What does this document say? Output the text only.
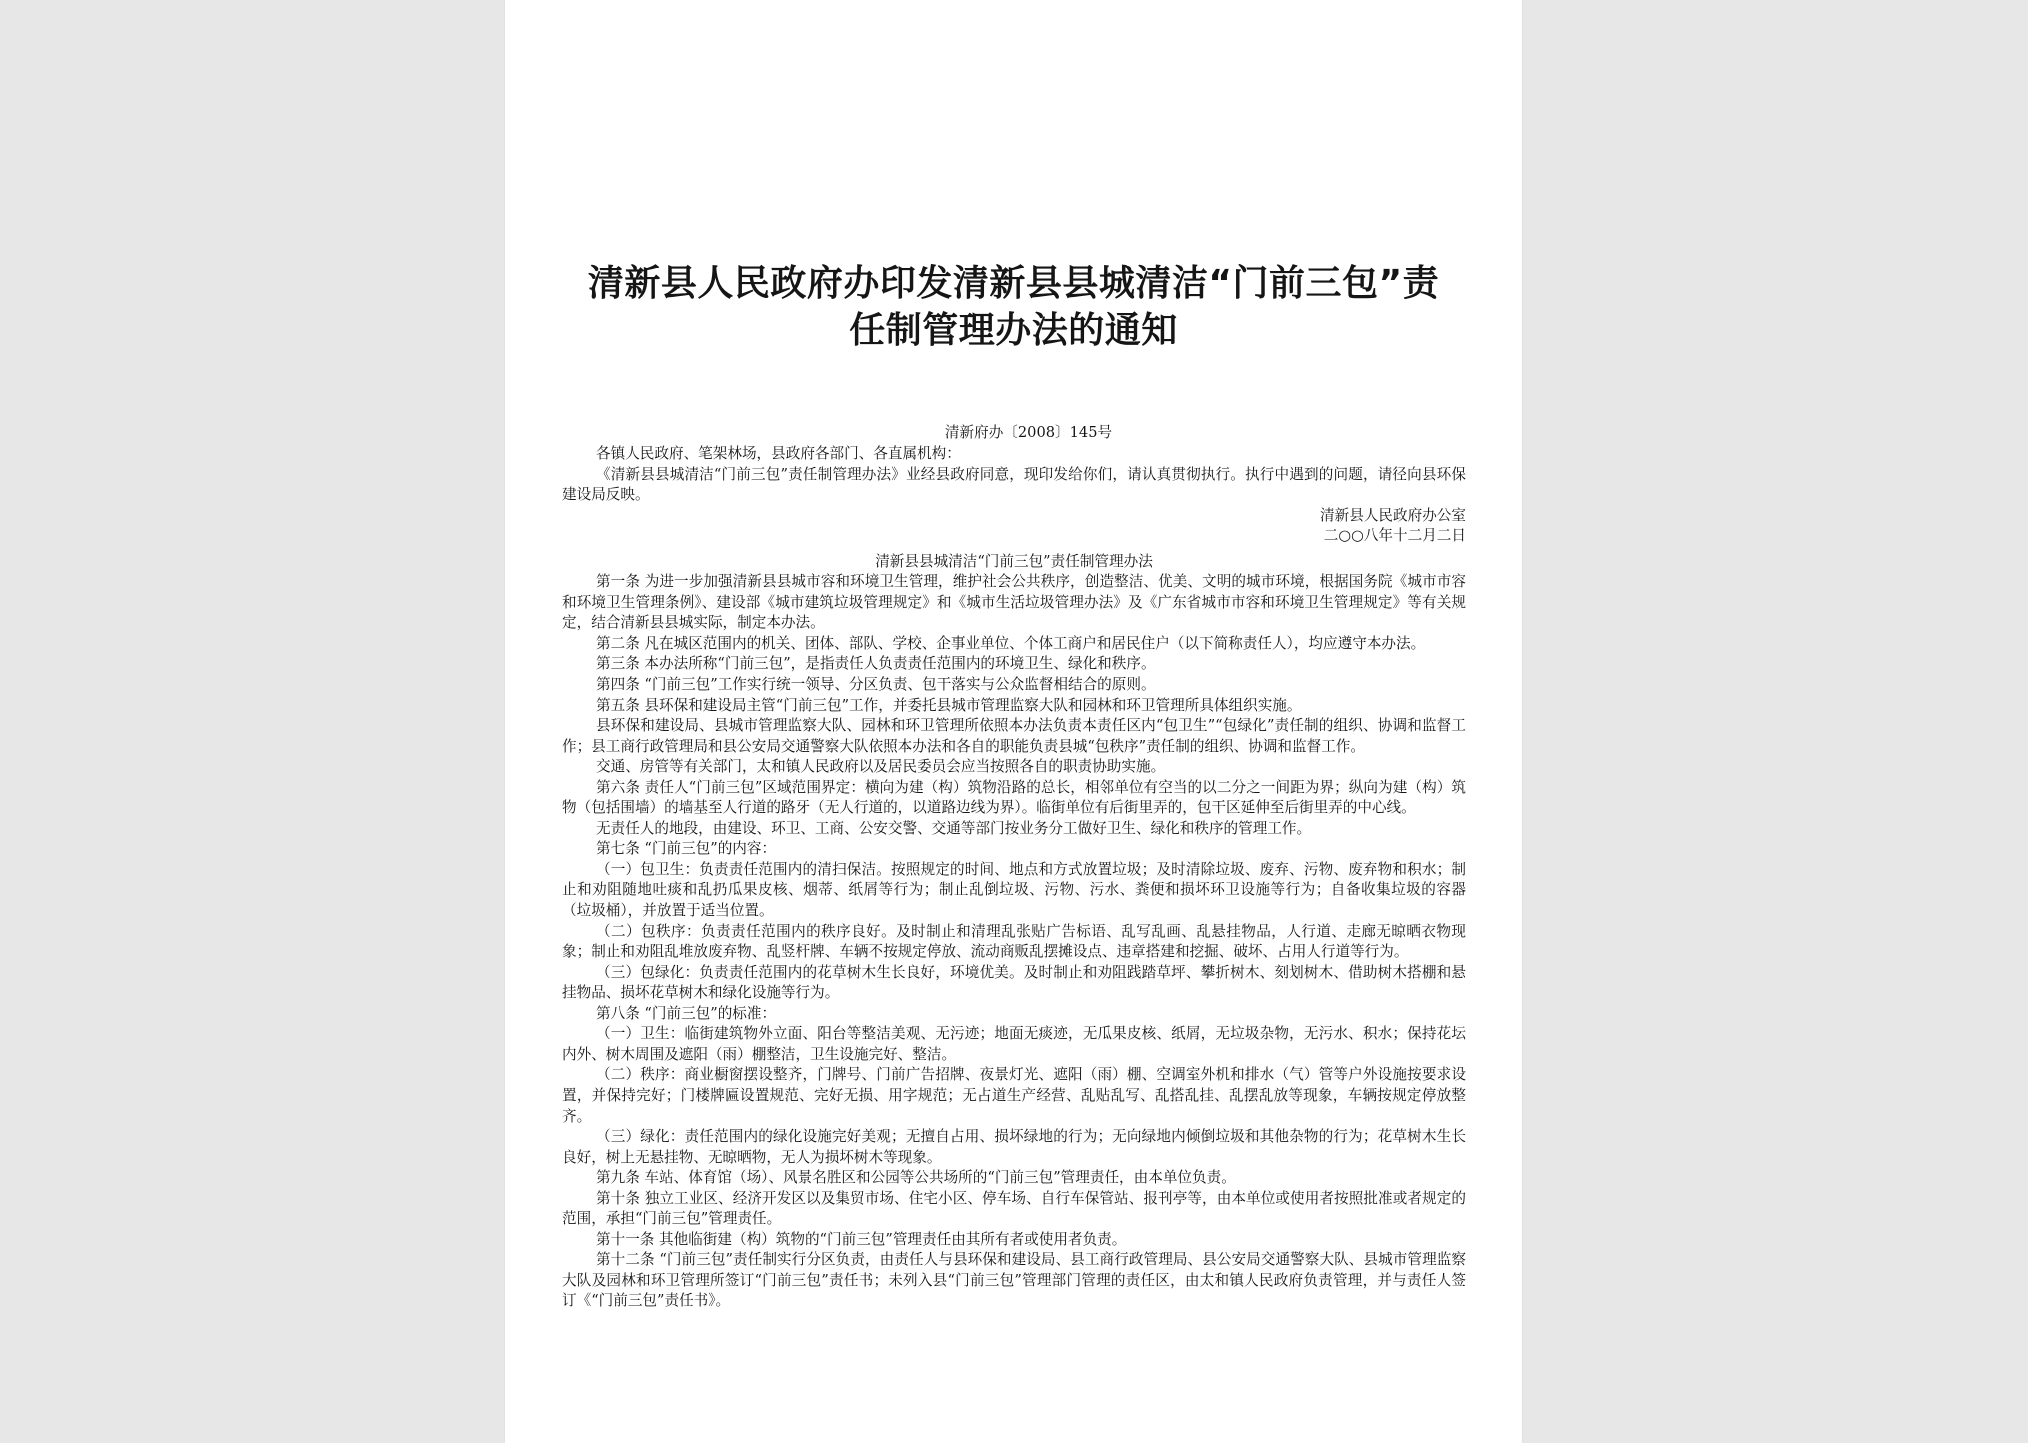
清新县人民政府办印发清新县县城清洁“门前三包”责
任制管理办法的通知
清新府办〔2008〕145号

各镇人民政府、笔架林场，县政府各部门、各直属机构：

《清新县县城清洁“门前三包”责任制管理办法》业经县政府同意，现印发给你们，请认真贯彻执行。执行中遇到的问题，请径向县环保建设局反映。

清新县人民政府办公室

二○○八年十二月二日

清新县县城清洁“门前三包”责任制管理办法

第一条 为进一步加强清新县县城市容和环境卫生管理，维护社会公共秩序，创造整洁、优美、文明的城市环境，根据国务院《城市市容和环境卫生管理条例》、建设部《城市建筑垃圾管理规定》和《城市生活垃圾管理办法》及《广东省城市市容和环境卫生管理规定》等有关规定，结合清新县县城实际，制定本办法。

第二条 凡在城区范围内的机关、团体、部队、学校、企事业单位、个体工商户和居民住户（以下简称责任人），均应遵守本办法。

第三条 本办法所称“门前三包”，是指责任人负责责任范围内的环境卫生、绿化和秩序。

第四条 “门前三包”工作实行统一领导、分区负责、包干落实与公众监督相结合的原则。

第五条 县环保和建设局主管“门前三包”工作，并委托县城市管理监察大队和园林和环卫管理所具体组织实施。

县环保和建设局、县城市管理监察大队、园林和环卫管理所依照本办法负责本责任区内“包卫生”“包绿化”责任制的组织、协调和监督工作；县工商行政管理局和县公安局交通警察大队依照本办法和各自的职能负责县城“包秩序”责任制的组织、协调和监督工作。

交通、房管等有关部门，太和镇人民政府以及居民委员会应当按照各自的职责协助实施。

第六条 责任人“门前三包”区域范围界定：横向为建（构）筑物沿路的总长，相邻单位有空当的以二分之一间距为界；纵向为建（构）筑物（包括围墙）的墙基至人行道的路牙（无人行道的，以道路边线为界）。临街单位有后街里弄的，包干区延伸至后街里弄的中心线。

无责任人的地段，由建设、环卫、工商、公安交警、交通等部门按业务分工做好卫生、绿化和秩序的管理工作。

第七条 “门前三包”的内容：

（一）包卫生：负责责任范围内的清扫保洁。按照规定的时间、地点和方式放置垃圾；及时清除垃圾、废弃、污物、废弃物和积水；制止和劝阻随地吐痰和乱扔瓜果皮核、烟蒂、纸屑等行为；制止乱倒垃圾、污物、污水、粪便和损坏环卫设施等行为；自备收集垃圾的容器（垃圾桶），并放置于适当位置。

（二）包秩序：负责责任范围内的秩序良好。及时制止和清理乱张贴广告标语、乱写乱画、乱悬挂物品，人行道、走廊无晾晒衣物现象；制止和劝阻乱堆放废弃物、乱竖杆牌、车辆不按规定停放、流动商贩乱摆摊设点、违章搭建和挖掘、破坏、占用人行道等行为。

（三）包绿化：负责责任范围内的花草树木生长良好，环境优美。及时制止和劝阻践踏草坪、攀折树木、刻划树木、借助树木搭棚和悬挂物品、损坏花草树木和绿化设施等行为。

第八条 “门前三包”的标准：

（一）卫生：临街建筑物外立面、阳台等整洁美观、无污迹；地面无痰迹，无瓜果皮核、纸屑，无垃圾杂物，无污水、积水；保持花坛内外、树木周围及遮阳（雨）棚整洁，卫生设施完好、整洁。

（二）秩序：商业橱窗摆设整齐，门牌号、门前广告招牌、夜景灯光、遮阳（雨）棚、空调室外机和排水（气）管等户外设施按要求设置，并保持完好；门楼牌匾设置规范、完好无损、用字规范；无占道生产经营、乱贴乱写、乱搭乱挂、乱摆乱放等现象，车辆按规定停放整齐。

（三）绿化：责任范围内的绿化设施完好美观；无擅自占用、损坏绿地的行为；无向绿地内倾倒垃圾和其他杂物的行为；花草树木生长良好，树上无悬挂物、无晾晒物，无人为损坏树木等现象。

第九条 车站、体育馆（场）、风景名胜区和公园等公共场所的“门前三包”管理责任，由本单位负责。

第十条 独立工业区、经济开发区以及集贸市场、住宅小区、停车场、自行车保管站、报刊亭等，由本单位或使用者按照批准或者规定的范围，承担“门前三包”管理责任。

第十一条 其他临街建（构）筑物的“门前三包”管理责任由其所有者或使用者负责。

第十二条 “门前三包”责任制实行分区负责，由责任人与县环保和建设局、县工商行政管理局、县公安局交通警察大队、县城市管理监察大队及园林和环卫管理所签订“门前三包”责任书；未列入县“门前三包”管理部门管理的责任区，由太和镇人民政府负责管理，并与责任人签订《“门前三包”责任书》。
